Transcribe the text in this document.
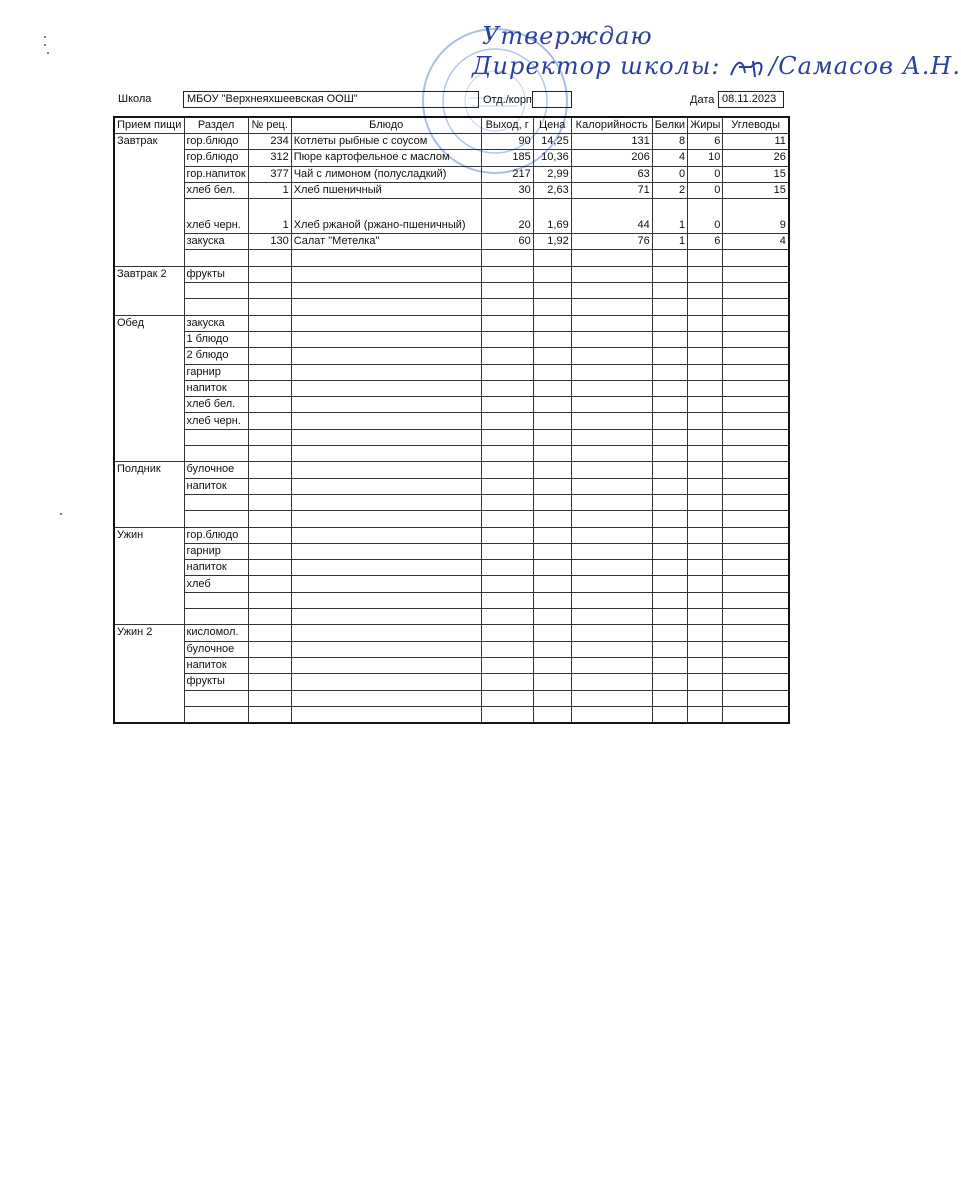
Утверждаю
Директор школы: /Самасов А.Н.
Школа	МБОУ "Верхнеяхшеевская ООШ"	Отд./корп	Дата 08.11.2023
Прием пищи	Раздел	№ рец.	Блюдо	Выход, г	Цена	Калорийность	Белки	Жиры	Углеводы
Завтрак	гор.блюдо	234	Котлеты рыбные с соусом	90	14,25	131	8	6	11
	гор.блюдо	312	Пюре картофельное с маслом	185	10,36	206	4	10	26
	гор.напиток	377	Чай с лимоном (полусладкий)	217	2,99	63	0	0	15
	хлеб бел.	1	Хлеб пшеничный	30	2,63	71	2	0	15
	хлеб черн.	1	Хлеб ржаной (ржано-пшеничный)	20	1,69	44	1	0	9
	закуска	130	Салат "Метелка"	60	1,92	76	1	6	4

Завтрак 2	фрукты								

Обед	закуска								
	1 блюдо								
	2 блюдо								
	гарнир								
	напиток								
	хлеб бел.								
	хлеб черн.								

Полдник	булочное								
	напиток								

Ужин	гор.блюдо								
	гарнир								
	напиток								
	хлеб								

Ужин 2	кисломол.								
	булочное								
	напиток								
	фрукты								
